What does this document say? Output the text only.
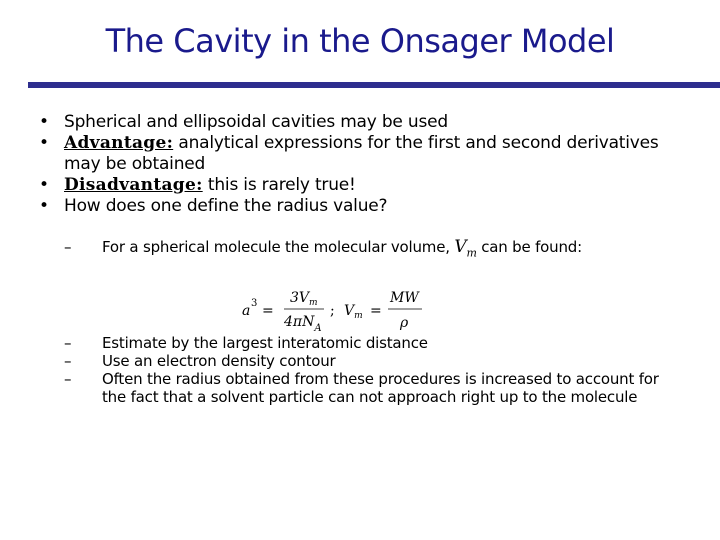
The Cavity in the Onsager Model
• Spherical and ellipsoidal cavities may be used
• Advantage: analytical expressions for the first and second derivatives may be obtained
• Disadvantage: this is rarely true!
• How does one define the radius value?
– For a spherical molecule the molecular volume, $V_m$ can be found:
a 3 =
$3V_m$
$4\pi N_A$
; $V_m$ =
MW
ρ
– Estimate by the largest interatomic distance
– Use an electron density contour
– Often the radius obtained from these procedures is increased to account for the fact that a solvent particle can not approach right up to the molecule
